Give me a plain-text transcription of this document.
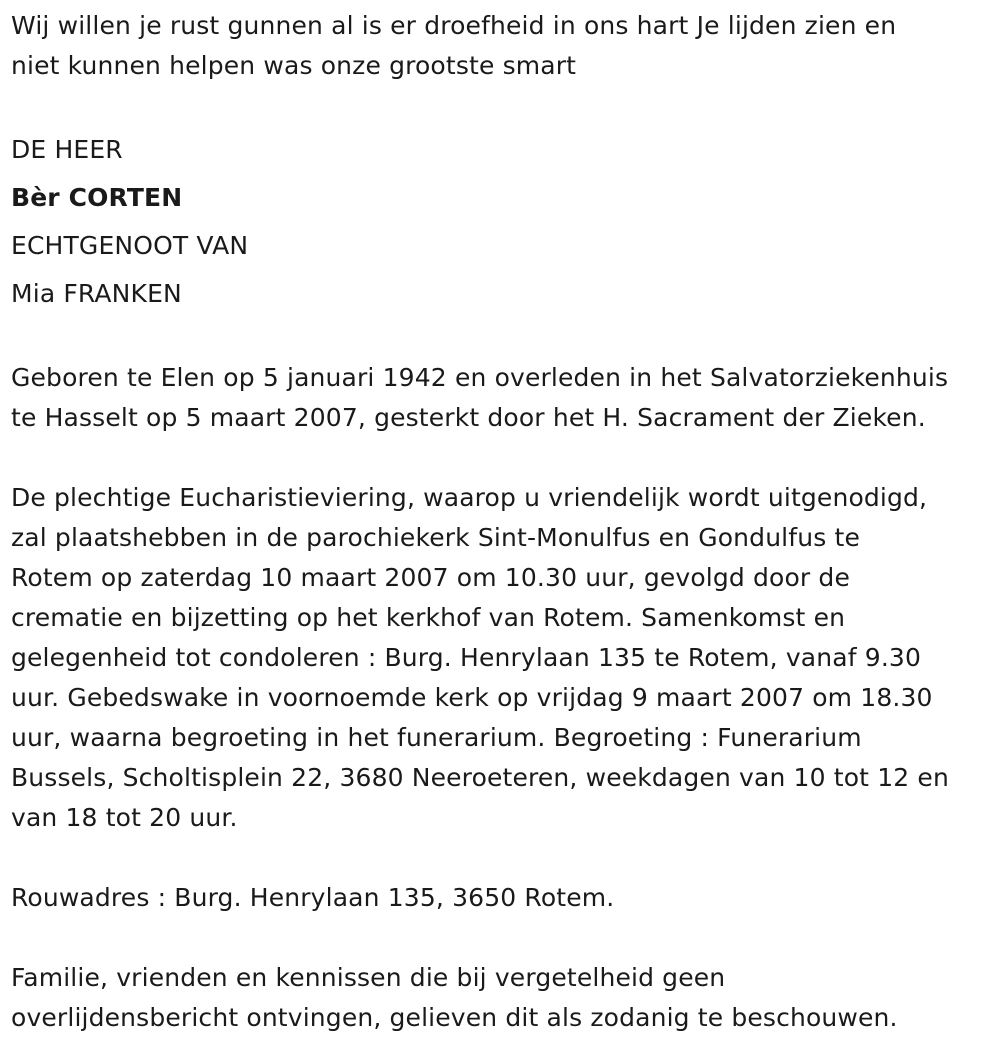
Wij willen je rust gunnen al is er droefheid in ons hart Je lijden zien en

niet kunnen helpen was onze grootste smart

DE HEER

Bèr CORTEN

ECHTGENOOT VAN

Mia FRANKEN

Geboren te Elen op 5 januari 1942 en overleden in het Salvatorziekenhuis

te Hasselt op 5 maart 2007, gesterkt door het H. Sacrament der Zieken.

De plechtige Eucharistieviering, waarop u vriendelijk wordt uitgenodigd,

zal plaatshebben in de parochiekerk Sint-Monulfus en Gondulfus te

Rotem op zaterdag 10 maart 2007 om 10.30 uur, gevolgd door de

crematie en bijzetting op het kerkhof van Rotem. Samenkomst en

gelegenheid tot condoleren : Burg. Henrylaan 135 te Rotem, vanaf 9.30

uur. Gebedswake in voornoemde kerk op vrijdag 9 maart 2007 om 18.30

uur, waarna begroeting in het funerarium. Begroeting : Funerarium

Bussels, Scholtisplein 22, 3680 Neeroeteren, weekdagen van 10 tot 12 en

van 18 tot 20 uur.

Rouwadres : Burg. Henrylaan 135, 3650 Rotem.

Familie, vrienden en kennissen die bij vergetelheid geen

overlijdensbericht ontvingen, gelieven dit als zodanig te beschouwen.
